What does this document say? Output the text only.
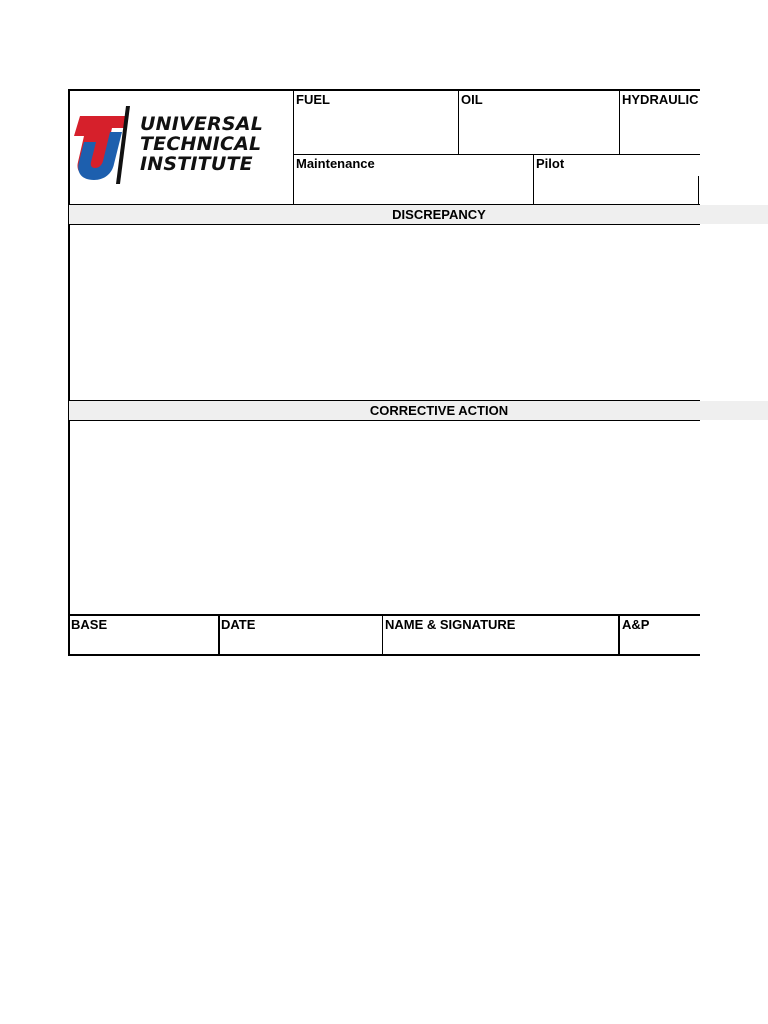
FUEL	OIL	HYDRAULIC
Maintenance	Pilot
UNIVERSAL
TECHNICAL
INSTITUTE
DISCREPANCY
CORRECTIVE ACTION
BASE	DATE	NAME & SIGNATURE	A&P
